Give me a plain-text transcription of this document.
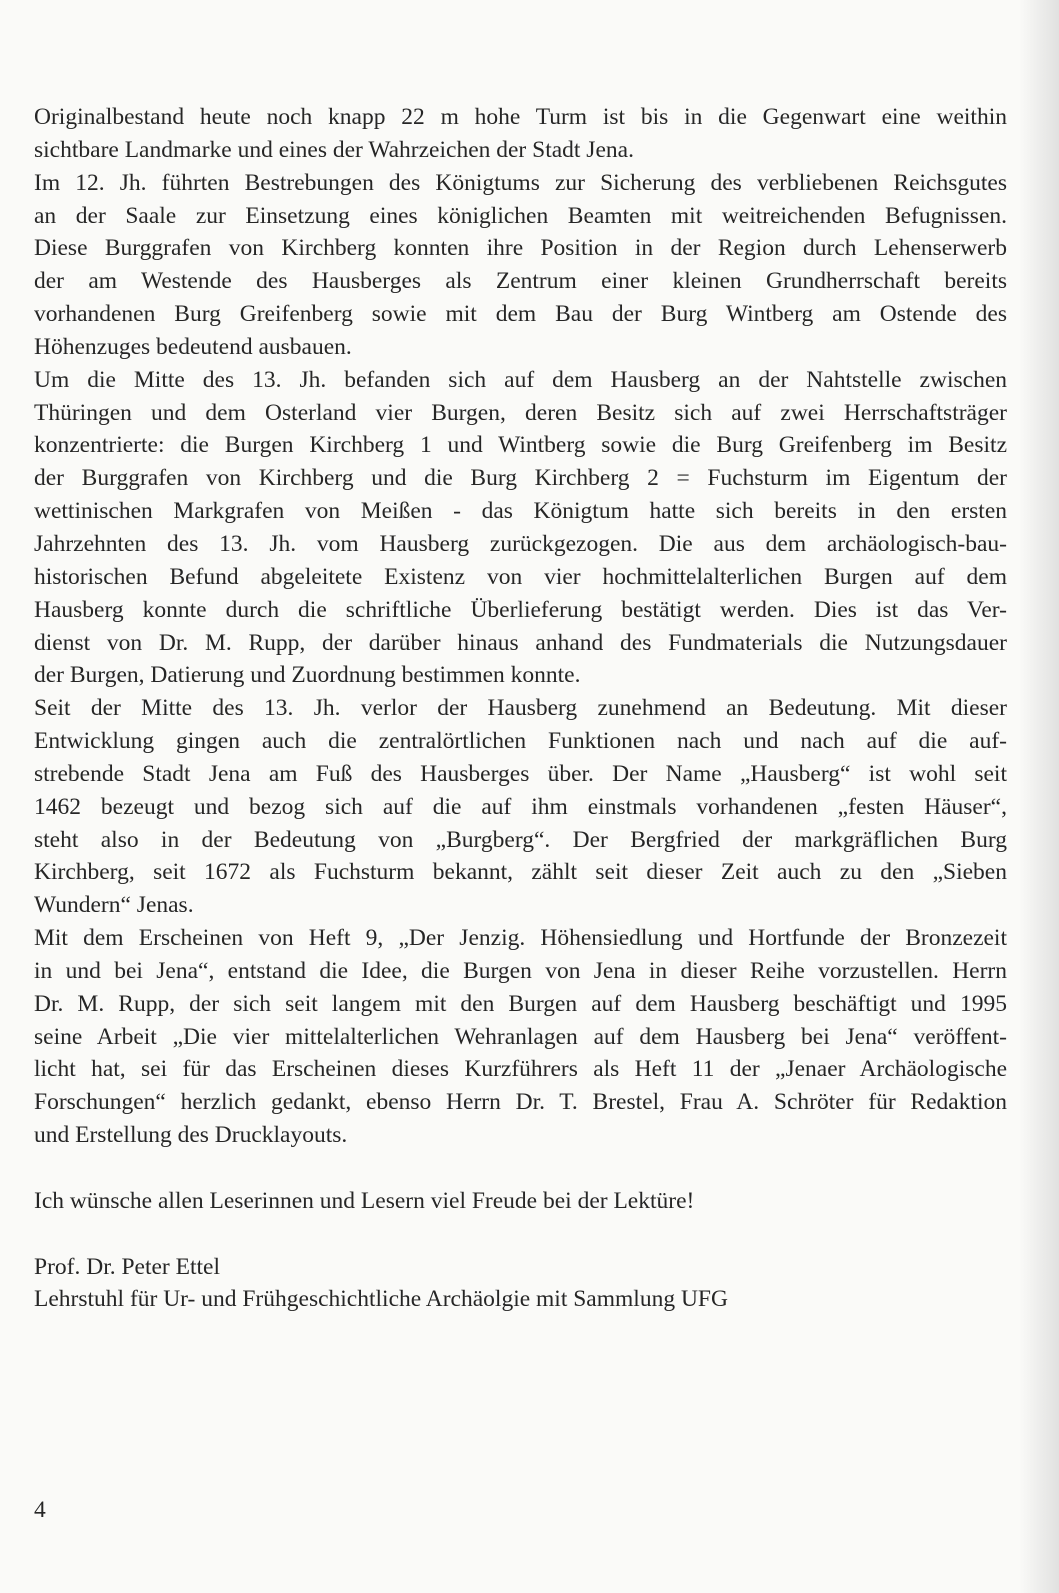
Originalbestand heute noch knapp 22 m hohe Turm ist bis in die Gegenwart eine weithin
sichtbare Landmarke und eines der Wahrzeichen der Stadt Jena.
Im 12. Jh. führten Bestrebungen des Königtums zur Sicherung des verbliebenen Reichsgutes
an der Saale zur Einsetzung eines königlichen Beamten mit weitreichenden Befugnissen.
Diese Burggrafen von Kirchberg konnten ihre Position in der Region durch Lehenserwerb
der am Westende des Hausberges als Zentrum einer kleinen Grundherrschaft bereits
vorhandenen Burg Greifenberg sowie mit dem Bau der Burg Wintberg am Ostende des
Höhenzuges bedeutend ausbauen.
Um die Mitte des 13. Jh. befanden sich auf dem Hausberg an der Nahtstelle zwischen
Thüringen und dem Osterland vier Burgen, deren Besitz sich auf zwei Herrschaftsträger
konzentrierte: die Burgen Kirchberg 1 und Wintberg sowie die Burg Greifenberg im Besitz
der Burggrafen von Kirchberg und die Burg Kirchberg 2 = Fuchsturm im Eigentum der
wettinischen Markgrafen von Meißen - das Königtum hatte sich bereits in den ersten
Jahrzehnten des 13. Jh. vom Hausberg zurückgezogen. Die aus dem archäologisch-bau-
historischen Befund abgeleitete Existenz von vier hochmittelalterlichen Burgen auf dem
Hausberg konnte durch die schriftliche Überlieferung bestätigt werden. Dies ist das Ver-
dienst von Dr. M. Rupp, der darüber hinaus anhand des Fundmaterials die Nutzungsdauer
der Burgen, Datierung und Zuordnung bestimmen konnte.
Seit der Mitte des 13. Jh. verlor der Hausberg zunehmend an Bedeutung. Mit dieser
Entwicklung gingen auch die zentralörtlichen Funktionen nach und nach auf die auf-
strebende Stadt Jena am Fuß des Hausberges über. Der Name „Hausberg“ ist wohl seit
1462 bezeugt und bezog sich auf die auf ihm einstmals vorhandenen „festen Häuser“,
steht also in der Bedeutung von „Burgberg“. Der Bergfried der markgräflichen Burg
Kirchberg, seit 1672 als Fuchsturm bekannt, zählt seit dieser Zeit auch zu den „Sieben
Wundern“ Jenas.
Mit dem Erscheinen von Heft 9, „Der Jenzig. Höhensiedlung und Hortfunde der Bronzezeit
in und bei Jena“, entstand die Idee, die Burgen von Jena in dieser Reihe vorzustellen. Herrn
Dr. M. Rupp, der sich seit langem mit den Burgen auf dem Hausberg beschäftigt und 1995
seine Arbeit „Die vier mittelalterlichen Wehranlagen auf dem Hausberg bei Jena“ veröffent-
licht hat, sei für das Erscheinen dieses Kurzführers als Heft 11 der „Jenaer Archäologische
Forschungen“ herzlich gedankt, ebenso Herrn Dr. T. Brestel, Frau A. Schröter für Redaktion
und Erstellung des Drucklayouts.
Ich wünsche allen Leserinnen und Lesern viel Freude bei der Lektüre!
Prof. Dr. Peter Ettel
Lehrstuhl für Ur- und Frühgeschichtliche Archäolgie mit Sammlung UFG
4
